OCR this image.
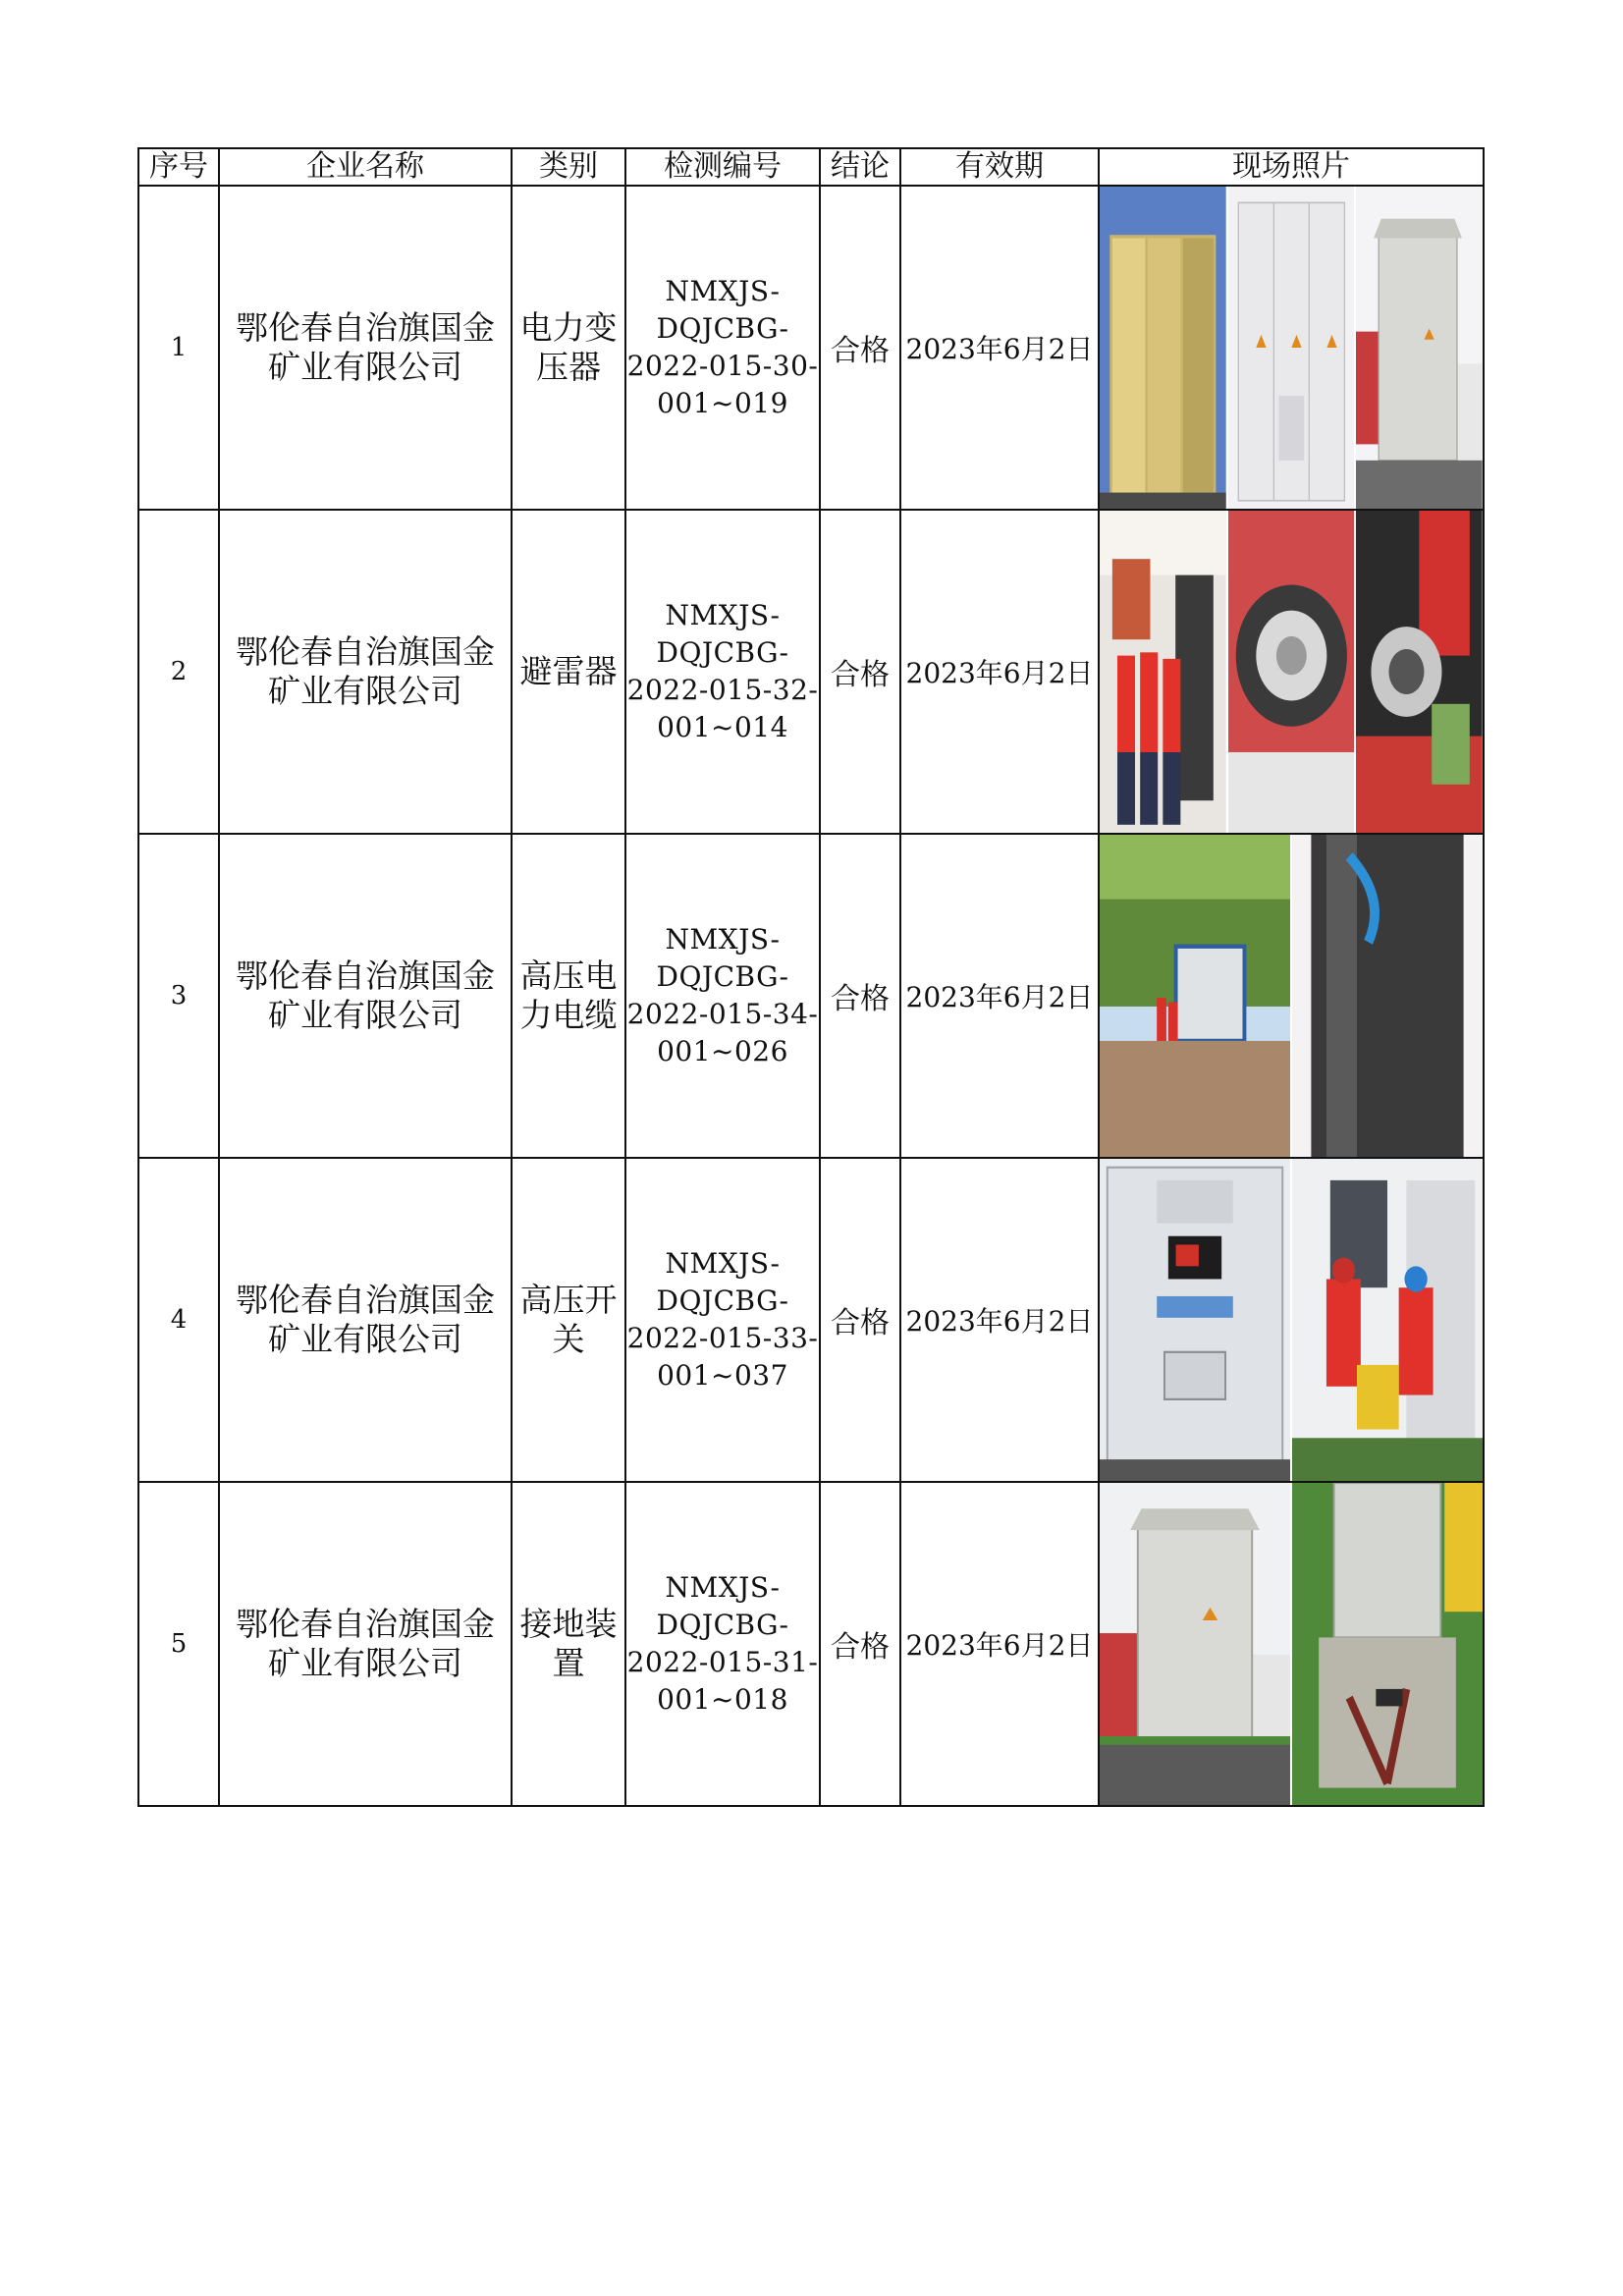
序号	企业名称	类别	检测编号	结论	有效期	现场照片
1	鄂伦春自治旗国金矿业有限公司	电力变压器	NMXJS-DQJCBG-2022-015-30-001~019	合格	2023年6月2日	

2	鄂伦春自治旗国金矿业有限公司	避雷器	NMXJS-DQJCBG-2022-015-32-001~014	合格	2023年6月2日	

3	鄂伦春自治旗国金矿业有限公司	高压电力电缆	NMXJS-DQJCBG-2022-015-34-001~026	合格	2023年6月2日	

4	鄂伦春自治旗国金矿业有限公司	高压开关	NMXJS-DQJCBG-2022-015-33-001~037	合格	2023年6月2日	

5	鄂伦春自治旗国金矿业有限公司	接地装置	NMXJS-DQJCBG-2022-015-31-001~018	合格	2023年6月2日	
